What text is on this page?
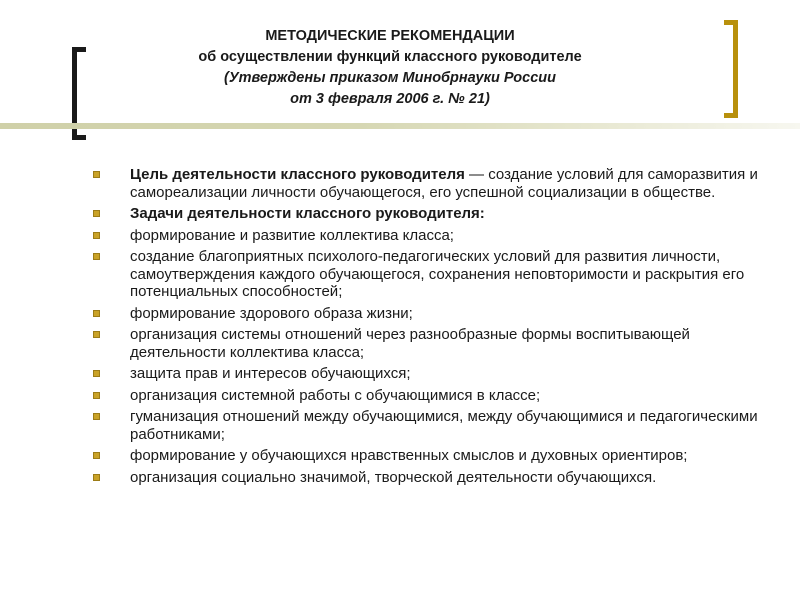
МЕТОДИЧЕСКИЕ РЕКОМЕНДАЦИИ
об осуществлении функций классного руководителе
(Утверждены приказом Минобрнауки России
от 3 февраля 2006 г. № 21)
Цель деятельности классного руководителя — создание условий для саморазвития и самореализации личности обучающегося, его успешной социализации в обществе.
Задачи деятельности классного руководителя:
формирование и развитие коллектива класса;
создание благоприятных психолого-педагогических условий для развития личности, самоутверждения каждого обучающегося, сохранения неповторимости и раскрытия его потенциальных способностей;
формирование здорового образа жизни;
организация системы отношений через разнообразные формы воспитывающей деятельности коллектива класса;
защита прав и интересов обучающихся;
организация системной работы с обучающимися в классе;
гуманизация отношений между обучающимися, между обучающимися и педагогическими работниками;
формирование у обучающихся нравственных смыслов и духовных ориентиров;
организация социально значимой, творческой деятельности обучающихся.
